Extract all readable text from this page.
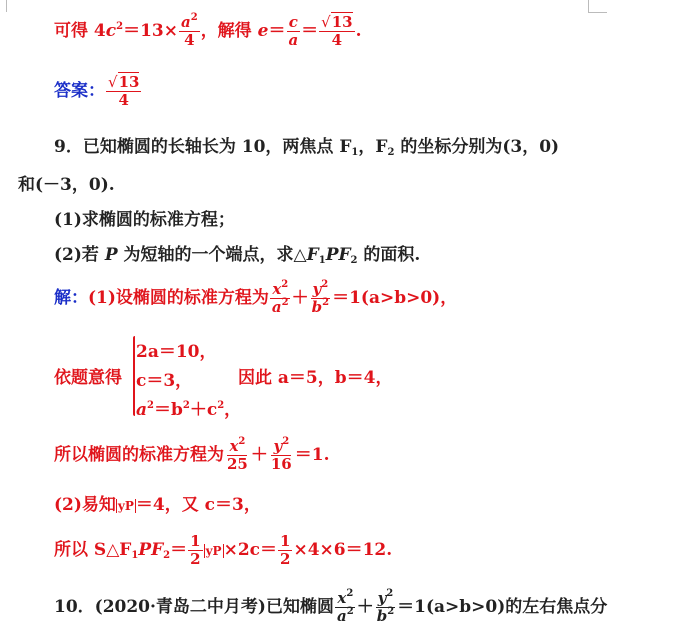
可得 $4c^2=13\times \frac{a^2}{4}$ ，解得 $e= \frac{c}{a} = \frac{√13}{4}$ .
答案： $\frac{√13}{4}$
9．已知椭圆的长轴长为 10，两焦点 $F_1$，$F_2$ 的坐标分别为(3，0)
和(－3，0).
(1)求椭圆的标准方程；
(2)若 P 为短轴的一个端点，求$\triangle F_1PF_2$ 的面积.
解：(1)设椭圆的标准方程为 $\frac{x^2}{a^2} + \frac{y^2}{b^2} =1(a>b>0)$，
依题意得
2a＝10，
c＝3，
$a^2=b^2+c^2$，
因此 a＝5，b＝4，
所以椭圆的标准方程为 $\frac{x^2}{25} + \frac{y^2}{16} =1$.
(2)易知 yP ＝4，又 c＝3，
所以 $S\triangle F_1PF_2= \frac{1}{2}$ yP $\times 2c= \frac{1}{2} \times 4\times 6=12$.
10．(2020·青岛二中月考)已知椭圆 $\frac{x^2}{a^2} + \frac{y^2}{b^2} =1(a>b>0)$的左右焦点分
